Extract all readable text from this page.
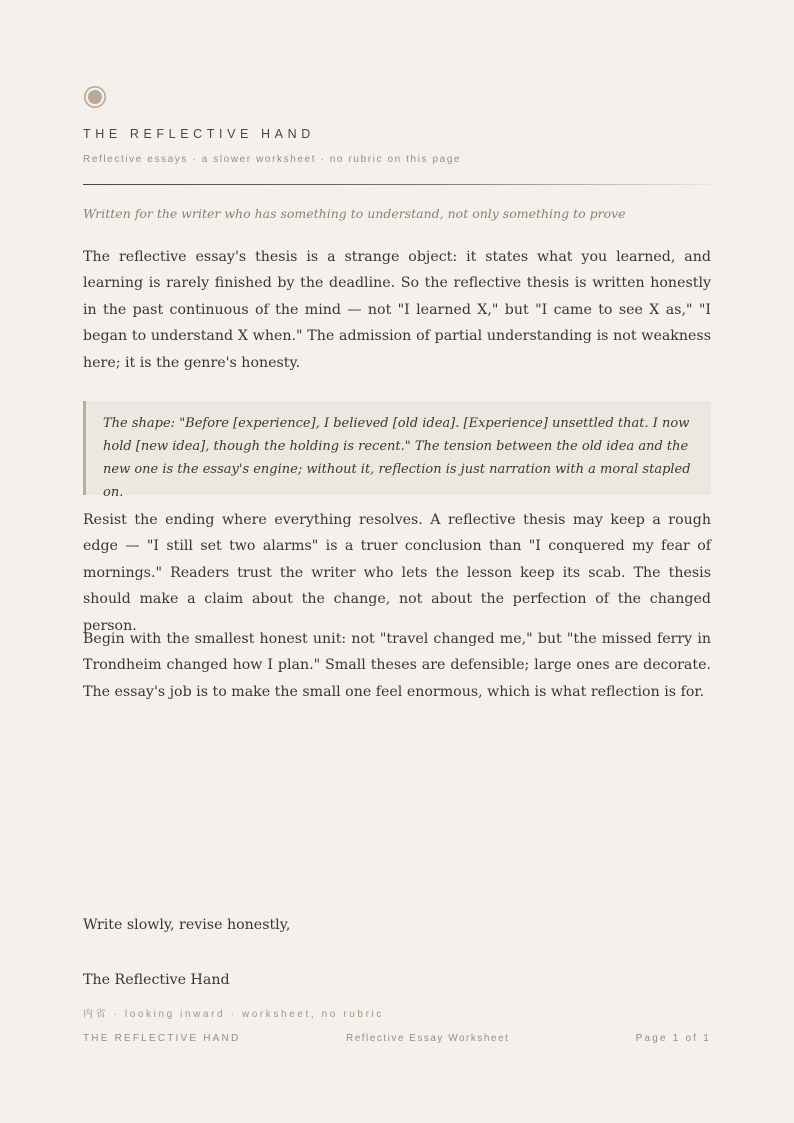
THE REFLECTIVE HAND
Reflective essays · a slower worksheet · no rubric on this page
Written for the writer who has something to understand, not only something to prove

The reflective essay's thesis is a strange object: it states what you learned, and learning is rarely finished by the deadline. So the reflective thesis is written honestly in the past continuous of the mind — not "I learned X," but "I came to see X as," "I began to understand X when." The admission of partial understanding is not weakness here; it is the genre's honesty.

The shape: "Before [experience], I believed [old idea]. [Experience] unsettled that. I now hold [new idea], though the holding is recent." The tension between the old idea and the new one is the essay's engine; without it, reflection is just narration with a moral stapled on.

Resist the ending where everything resolves. A reflective thesis may keep a rough edge — "I still set two alarms" is a truer conclusion than "I conquered my fear of mornings." Readers trust the writer who lets the lesson keep its scab. The thesis should make a claim about the change, not about the perfection of the changed person.

Begin with the smallest honest unit: not "travel changed me," but "the missed ferry in Trondheim changed how I plan." Small theses are defensible; large ones are decorate. The essay's job is to make the small one feel enormous, which is what reflection is for.

Write slowly, revise honestly,
The Reflective Hand
内省 · looking inward · worksheet, no rubric
THE REFLECTIVE HAND	Reflective Essay Worksheet	Page 1 of 1
